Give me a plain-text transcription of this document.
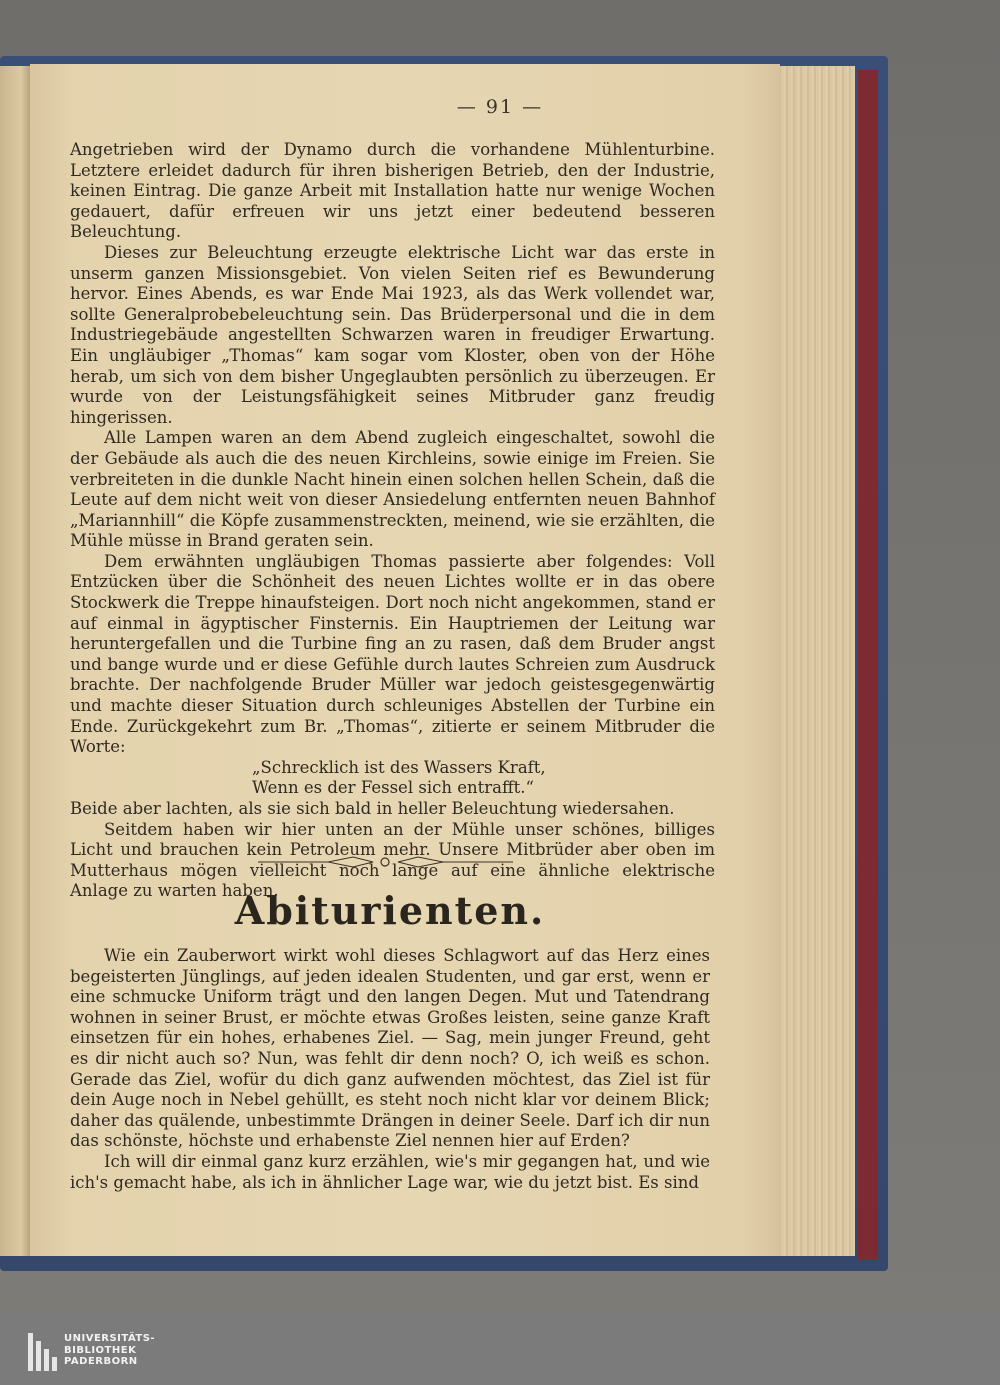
— 91 —

Angetrieben wird der Dynamo durch die vorhandene Mühlenturbine. Letztere erleidet dadurch für ihren bisherigen Betrieb, den der Industrie, keinen Eintrag. Die ganze Arbeit mit Installation hatte nur wenige Wochen gedauert, dafür erfreuen wir uns jetzt einer bedeutend besseren Beleuchtung.

Dieses zur Beleuchtung erzeugte elektrische Licht war das erste in unserm ganzen Missionsgebiet. Von vielen Seiten rief es Bewunderung hervor. Eines Abends, es war Ende Mai 1923, als das Werk vollendet war, sollte Generalprobebeleuchtung sein. Das Brüderpersonal und die in dem Industriegebäude angestellten Schwarzen waren in freudiger Erwartung. Ein ungläubiger „Thomas“ kam sogar vom Kloster, oben von der Höhe herab, um sich von dem bisher Ungeglaubten persönlich zu überzeugen. Er wurde von der Leistungsfähigkeit seines Mitbruder ganz freudig hingerissen.

Alle Lampen waren an dem Abend zugleich eingeschaltet, sowohl die der Gebäude als auch die des neuen Kirchleins, sowie einige im Freien. Sie verbreiteten in die dunkle Nacht hinein einen solchen hellen Schein, daß die Leute auf dem nicht weit von dieser Ansiedelung entfernten neuen Bahnhof „Mariannhill“ die Köpfe zusammenstreckten, meinend, wie sie erzählten, die Mühle müsse in Brand geraten sein.

Dem erwähnten ungläubigen Thomas passierte aber folgendes: Voll Entzücken über die Schönheit des neuen Lichtes wollte er in das obere Stockwerk die Treppe hinaufsteigen. Dort noch nicht angekommen, stand er auf einmal in ägyptischer Finsternis. Ein Hauptriemen der Leitung war heruntergefallen und die Turbine fing an zu rasen, daß dem Bruder angst und bange wurde und er diese Gefühle durch lautes Schreien zum Ausdruck brachte. Der nachfolgende Bruder Müller war jedoch geistesgegenwärtig und machte dieser Situation durch schleuniges Abstellen der Turbine ein Ende. Zurückgekehrt zum Br. „Thomas“, zitierte er seinem Mitbruder die Worte:

„Schrecklich ist des Wassers Kraft,

Wenn es der Fessel sich entrafft.“

Beide aber lachten, als sie sich bald in heller Beleuchtung wiedersahen.

Seitdem haben wir hier unten an der Mühle unser schönes, billiges Licht und brauchen kein Petroleum mehr. Unsere Mitbrüder aber oben im Mutterhaus mögen vielleicht noch lange auf eine ähnliche elektrische Anlage zu warten haben.

Abiturienten.

Wie ein Zauberwort wirkt wohl dieses Schlagwort auf das Herz eines begeisterten Jünglings, auf jeden idealen Studenten, und gar erst, wenn er eine schmucke Uniform trägt und den langen Degen. Mut und Tatendrang wohnen in seiner Brust, er möchte etwas Großes leisten, seine ganze Kraft einsetzen für ein hohes, erhabenes Ziel. — Sag, mein junger Freund, geht es dir nicht auch so? Nun, was fehlt dir denn noch? O, ich weiß es schon. Gerade das Ziel, wofür du dich ganz aufwenden möchtest, das Ziel ist für dein Auge noch in Nebel gehüllt, es steht noch nicht klar vor deinem Blick; daher das quälende, unbestimmte Drängen in deiner Seele. Darf ich dir nun das schönste, höchste und erhabenste Ziel nennen hier auf Erden?

Ich will dir einmal ganz kurz erzählen, wie's mir gegangen hat, und wie ich's gemacht habe, als ich in ähnlicher Lage war, wie du jetzt bist. Es sind

UNIVERSITÄTS-
BIBLIOTHEK
PADERBORN
